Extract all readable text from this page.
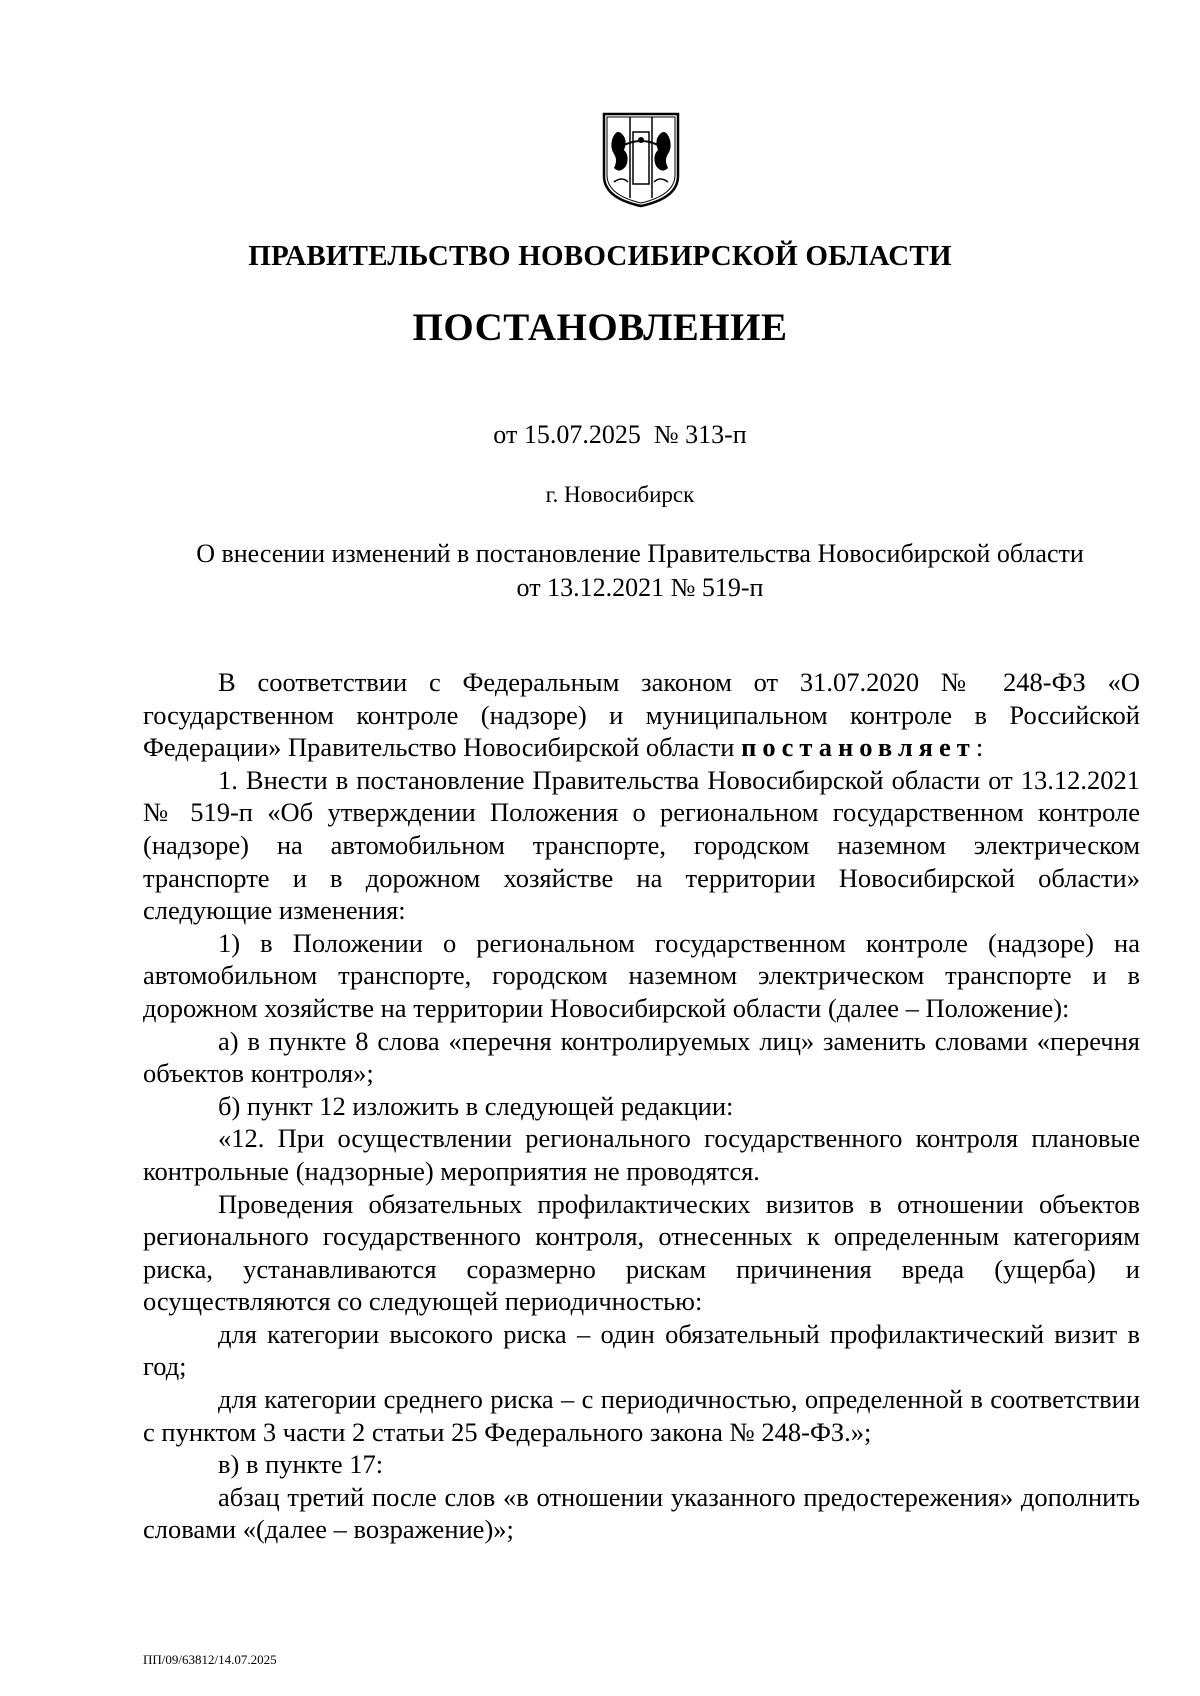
ПРАВИТЕЛЬСТВО НОВОСИБИРСКОЙ ОБЛАСТИ
ПОСТАНОВЛЕНИЕ
от 15.07.2025  № 313-п
г. Новосибирск
О внесении изменений в постановление Правительства Новосибирской области
от 13.12.2021 № 519-п

В соответствии с Федеральным законом от 31.07.2020 № 248-ФЗ «О государственном контроле (надзоре) и муниципальном контроле в Российской Федерации» Правительство Новосибирской области постановляет:

1. Внести в постановление Правительства Новосибирской области от 13.12.2021 № 519-п «Об утверждении Положения о региональном государственном контроле (надзоре) на автомобильном транспорте, городском наземном электрическом транспорте и в дорожном хозяйстве на территории Новосибирской области» следующие изменения:

1) в Положении о региональном государственном контроле (надзоре) на автомобильном транспорте, городском наземном электрическом транспорте и в дорожном хозяйстве на территории Новосибирской области (далее – Положение):

а) в пункте 8 слова «перечня контролируемых лиц» заменить словами «перечня объектов контроля»;

б) пункт 12 изложить в следующей редакции:

«12. При осуществлении регионального государственного контроля плановые контрольные (надзорные) мероприятия не проводятся.

Проведения обязательных профилактических визитов в отношении объектов регионального государственного контроля, отнесенных к определенным категориям риска, устанавливаются соразмерно рискам причинения вреда (ущерба) и осуществляются со следующей периодичностью:

для категории высокого риска – один обязательный профилактический визит в год;

для категории среднего риска – с периодичностью, определенной в соответствии с пунктом 3 части 2 статьи 25 Федерального закона № 248-ФЗ.»;

в) в пункте 17:

абзац третий после слов «в отношении указанного предостережения» дополнить словами «(далее – возражение)»;

ПП/09/63812/14.07.2025
